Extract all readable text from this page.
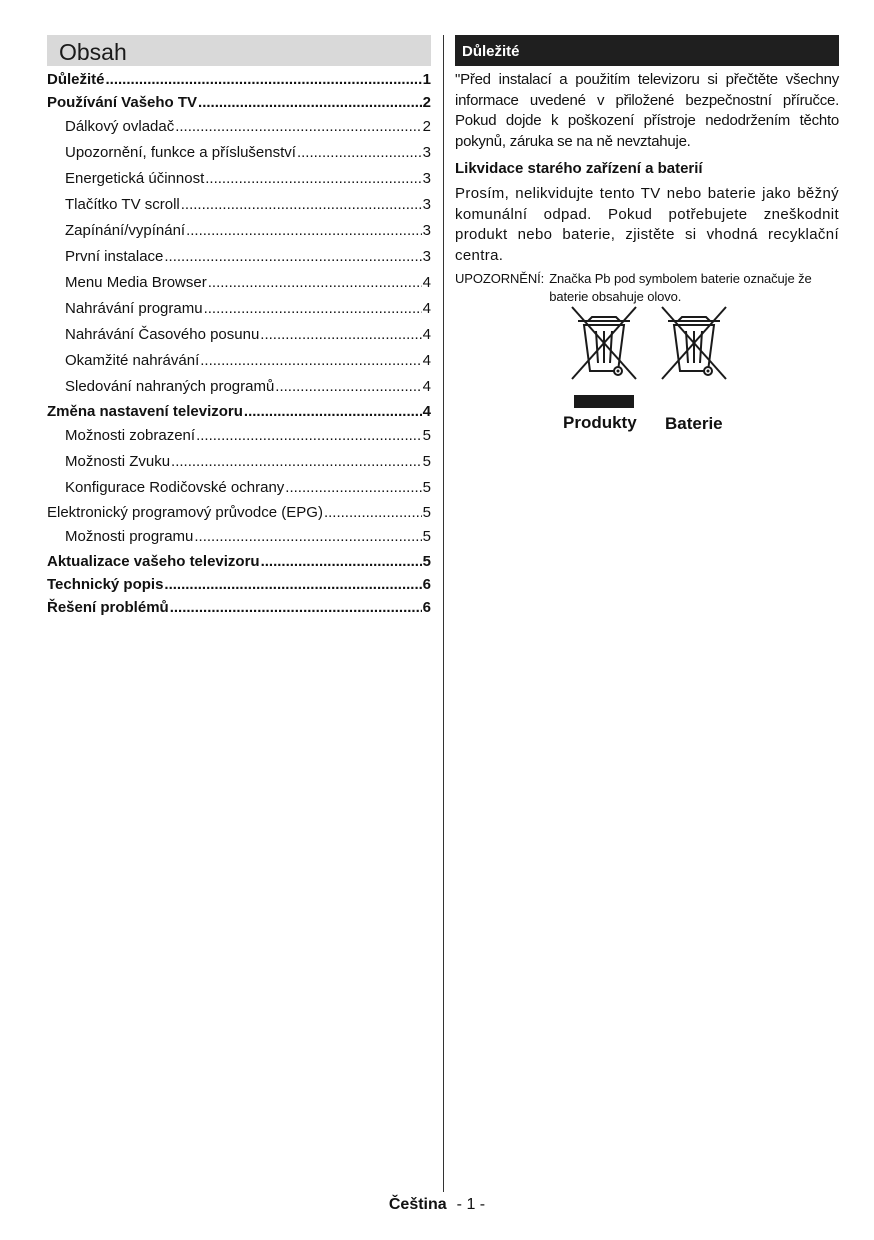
Obsah
Důležité .....	1
Používání Vašeho TV .....	2
Dálkový ovladač .....	2
Upozornění, funkce a příslušenství .....	3
Energetická účinnost .....	3
Tlačítko TV scroll .....	3
Zapínání/vypínání .....	3
První instalace .....	3
Menu Media Browser .....	4
Nahrávání programu .....	4
Nahrávání Časového posunu .....	4
Okamžité nahrávání .....	4
Sledování nahraných programů .....	4
Změna nastavení televizoru .....	4
Možnosti zobrazení .....	5
Možnosti Zvuku .....	5
Konfigurace Rodičovské ochrany .....	5
Elektronický programový průvodce (EPG) .....	5
Možnosti programu .....	5
Aktualizace vašeho televizoru .....	5
Technický popis .....	6
Řešení problémů .....	6
Důležité

"Před instalací a použitím televizoru si přečtěte všechny informace uvedené v přiložené bezpečnostní příručce. Pokud dojde k poškození přístroje nedodržením těchto pokynů, záruka se na ně nevztahuje.

Likvidace starého zařízení a baterií

Prosím, nelikvidujte tento TV nebo baterie jako běžný komunální odpad. Pokud potřebujete zneškodnit produkt nebo baterie, zjistěte si vhodná recyklační centra.

UPOZORNĚNÍ: Značka Pb pod symbolem baterie označuje že baterie obsahuje olovo.
Produkty Baterie
Čeština - 1 -
